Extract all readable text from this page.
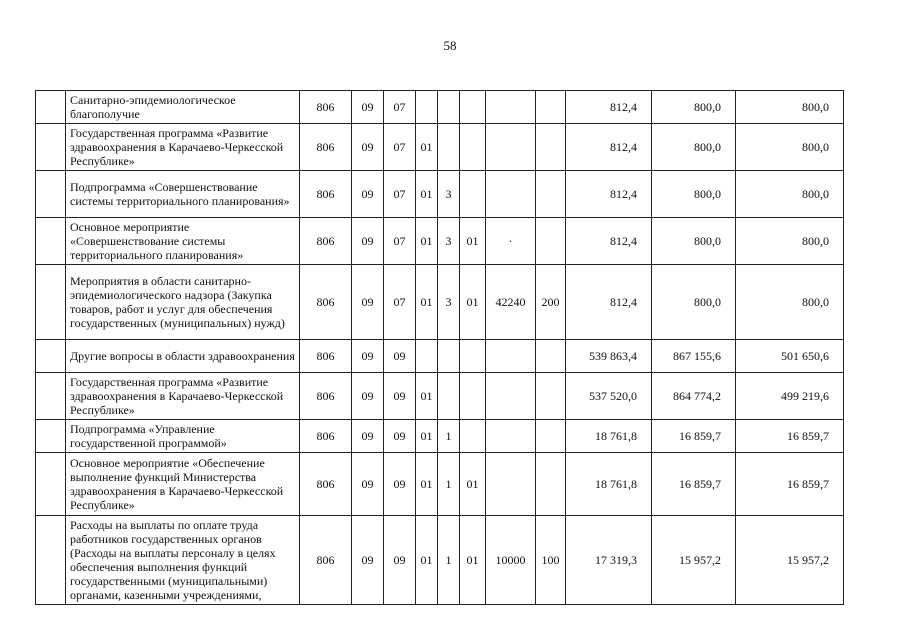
58
	Санитарно-эпидемиологическое благополучие	806	09	07						812,4	800,0	800,0
	Государственная программа «Развитие здравоохранения в Карачаево-Черкесской Республике»	806	09	07	01					812,4	800,0	800,0
	Подпрограмма «Совершенствование системы территориального планирования»	806	09	07	01	3				812,4	800,0	800,0
	Основное мероприятие «Совершенствование системы территориального планирования»	806	09	07	01	3	01	·		812,4	800,0	800,0
	Мероприятия в области санитарно-эпидемиологического надзора (Закупка товаров, работ и услуг для обеспечения государственных (муниципальных) нужд)	806	09	07	01	3	01	42240	200	812,4	800,0	800,0
	Другие вопросы в области здравоохранения	806	09	09						539 863,4	867 155,6	501 650,6
	Государственная программа «Развитие здравоохранения в Карачаево-Черкесской Республике»	806	09	09	01					537 520,0	864 774,2	499 219,6
	Подпрограмма «Управление государственной программой»	806	09	09	01	1				18 761,8	16 859,7	16 859,7
	Основное мероприятие «Обеспечение выполнение функций Министерства здравоохранения в Карачаево-Черкесской Республике»	806	09	09	01	1	01			18 761,8	16 859,7	16 859,7
	Расходы на выплаты по оплате труда работников государственных органов (Расходы на выплаты персоналу в целях обеспечения выполнения функций государственными (муниципальными) органами, казенными учреждениями,	806	09	09	01	1	01	10000	100	17 319,3	15 957,2	15 957,2
